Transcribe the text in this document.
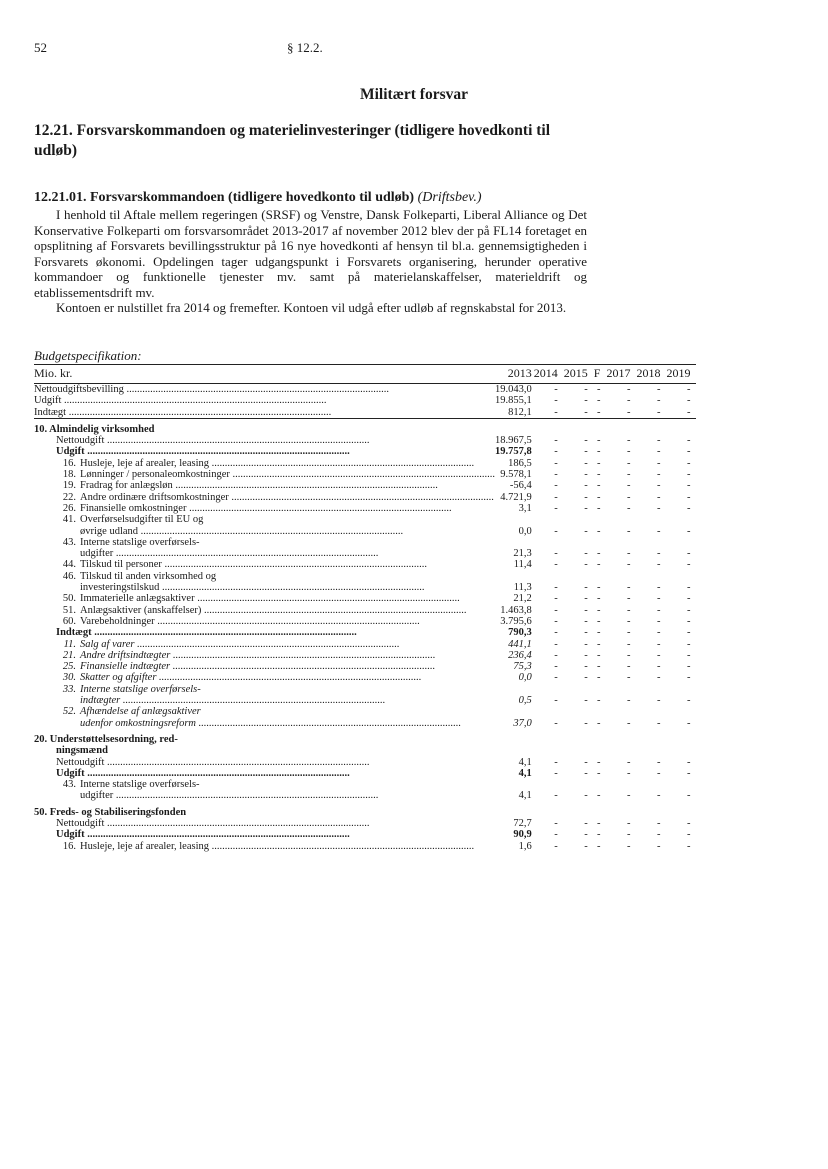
52	§ 12.2.
Militært forsvar
12.21. Forsvarskommandoen og materielinvesteringer (tidligere hovedkonti til udløb)
12.21.01. Forsvarskommandoen (tidligere hovedkonto til udløb) (Driftsbev.)

I henhold til Aftale mellem regeringen (SRSF) og Venstre, Dansk Folkeparti, Liberal Alliance og Det Konservative Folkeparti om forsvarsområdet 2013-2017 af november 2012 blev der på FL14 foretaget en opsplitning af Forsvarets bevillingsstruktur på 16 nye hovedkonti af hensyn til bl.a. gennemsigtigheden i Forsvarets økonomi. Opdelingen tager udgangspunkt i Forsvarets organisering, herunder operative kommandoer og funktionelle tjenester mv. samt på materielanskaffelser, materieldrift og etablissementsdrift mv.

Kontoen er nulstillet fra 2014 og fremefter. Kontoen vil udgå efter udløb af regnskabstal for 2013.

Budgetspecifikation:
Mio. kr.	2013	2014	2015	F	2017	2018	2019

Nettoudgiftsbevilling .....	19.043,0	-	-	-	-	-	-

Udgift .....	19.855,1	-	-	-	-	-	-

Indtægt .....	812,1	-	-	-	-	-	-
10. Almindelig virksomhed							

Nettoudgift .....	18.967,5	-	-	-	-	-	-

Udgift .....	19.757,8	-	-	-	-	-	-

16. Husleje, leje af arealer, leasing .....	186,5	-	-	-	-	-	-

18. Lønninger / personaleomkostninger .....	9.578,1	-	-	-	-	-	-

19. Fradrag for anlægsløn .....	-56,4	-	-	-	-	-	-

22. Andre ordinære driftsomkostninger .....	4.721,9	-	-	-	-	-	-

26. Finansielle omkostninger .....	3,1	-	-	-	-	-	-
41. Overførselsudgifter til EU og							

øvrige udland .....	0,0	-	-	-	-	-	-
43. Interne statslige overførsels-							

udgifter .....	21,3	-	-	-	-	-	-

44. Tilskud til personer .....	11,4	-	-	-	-	-	-
46. Tilskud til anden virksomhed og							

investeringstilskud .....	11,3	-	-	-	-	-	-

50. Immaterielle anlægsaktiver .....	21,2	-	-	-	-	-	-

51. Anlægsaktiver (anskaffelser) .....	1.463,8	-	-	-	-	-	-

60. Varebeholdninger .....	3.795,6	-	-	-	-	-	-

Indtægt .....	790,3	-	-	-	-	-	-

11. Salg af varer .....	441,1	-	-	-	-	-	-

21. Andre driftsindtægter .....	236,4	-	-	-	-	-	-

25. Finansielle indtægter .....	75,3	-	-	-	-	-	-

30. Skatter og afgifter .....	0,0	-	-	-	-	-	-
33. Interne statslige overførsels-							

indtægter .....	0,5	-	-	-	-	-	-
52. Afhændelse af anlægsaktiver							

udenfor omkostningsreform .....	37,0	-	-	-	-	-	-
20. Understøttelsesordning, red-							
ningsmænd							

Nettoudgift .....	4,1	-	-	-	-	-	-

Udgift .....	4,1	-	-	-	-	-	-
43. Interne statslige overførsels-							

udgifter .....	4,1	-	-	-	-	-	-
50. Freds- og Stabiliseringsfonden							

Nettoudgift .....	72,7	-	-	-	-	-	-

Udgift .....	90,9	-	-	-	-	-	-

16. Husleje, leje af arealer, leasing .....	1,6	-	-	-	-	-	-
